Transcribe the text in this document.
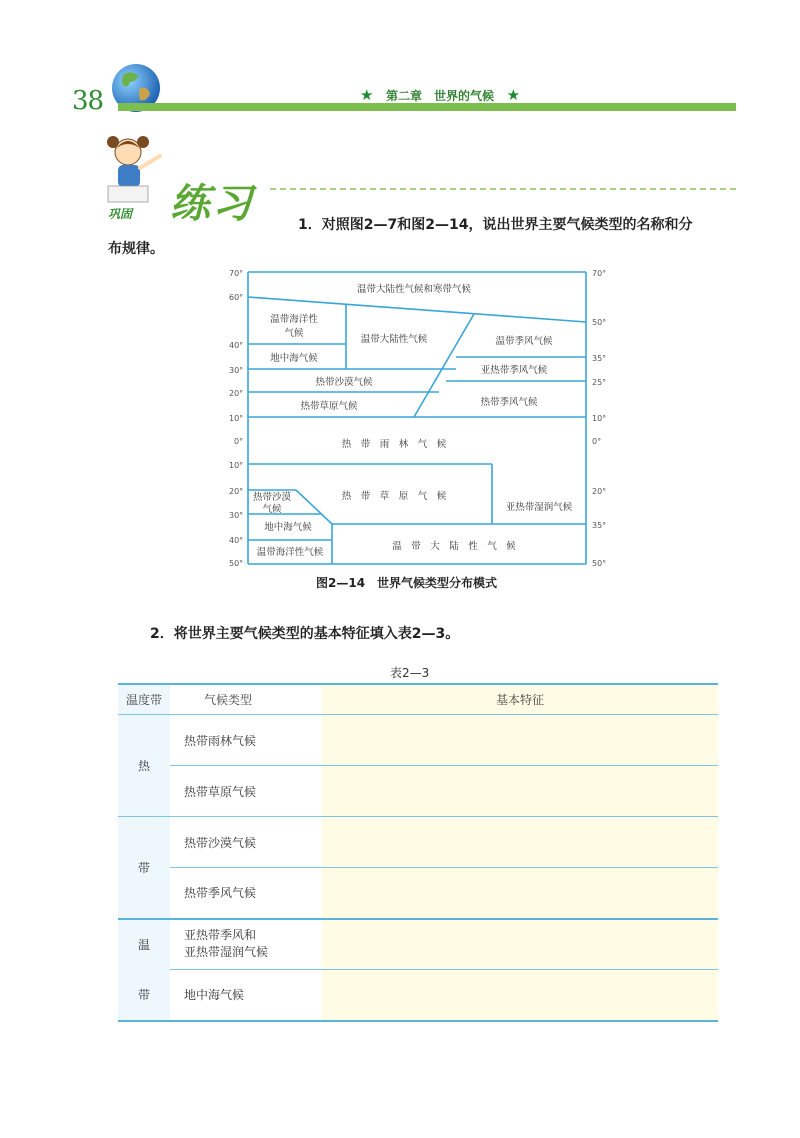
38	★ 第二章　世界的气候 ★
巩固 练习	1．对照图2—7和图2—14，说出世界主要气候类型的名称和分
布规律。
70°
60°
40°
30°
20°
10°
0°
10°
20°
30°
40°
50°
70°
50°
35°
25°
10°
0°
20°
35°
50°
温带大陆性气候和寒带气候
温带海洋性
气候
温带大陆性气候	温带季风气候
地中海气候
亚热带季风气候
热带沙漠气候
热带草原气候	热带季风气候
热　带　雨　林　气　候
热带沙漠
气候
热　带　草　原　气　候
亚热带湿润气候
地中海气候
温带海洋性气候
温　带　大　陆　性　气　候
图2—14　世界气候类型分布模式
2．将世界主要气候类型的基本特征填入表2—3。
表2—3
温度带	气候类型	基本特征
热	热带雨林气候	
	热带草原气候	
带	热带沙漠气候	
	热带季风气候	
温	亚热带季风和
亚热带湿润气候	
带	地中海气候	
